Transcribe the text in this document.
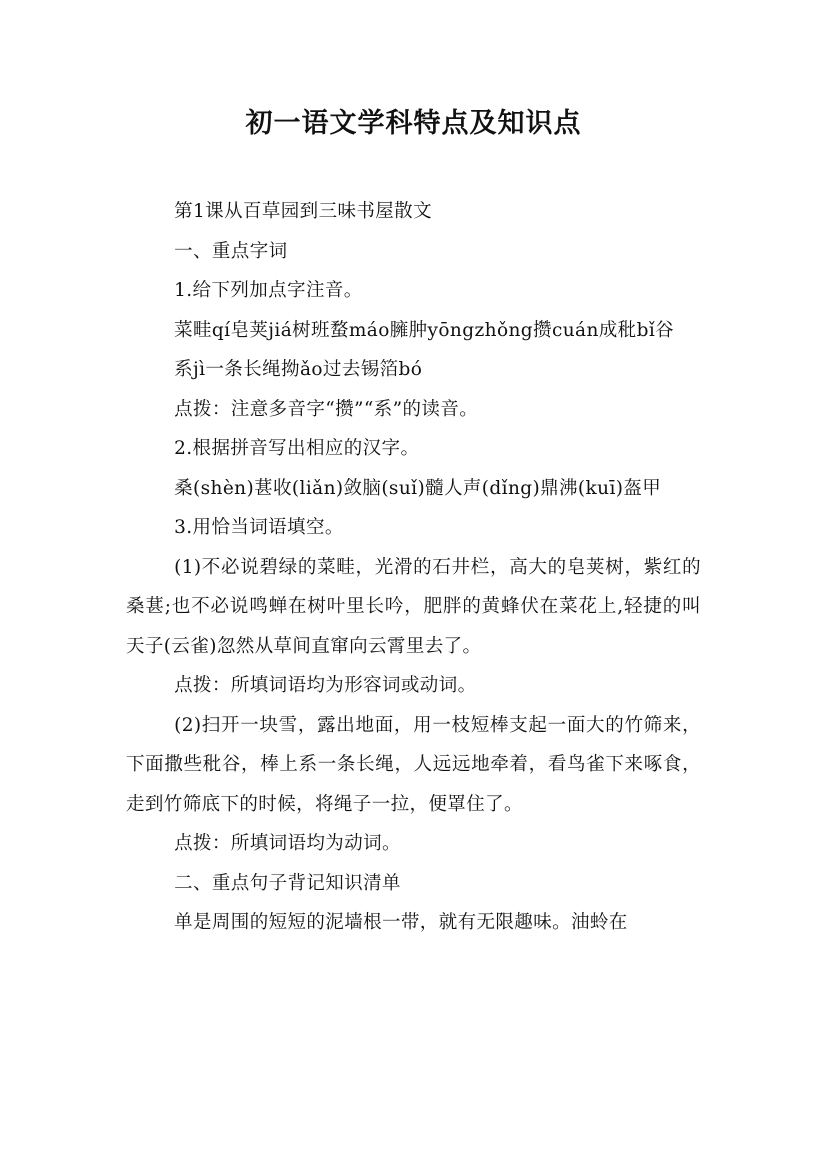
初一语文学科特点及知识点

第1课从百草园到三味书屋散文

一、重点字词

1.给下列加点字注音。

菜畦qí皂荚jiá树班蝥máo臃肿yōngzhǒng攒cuán成秕bǐ谷

系jì一条长绳拗ǎo过去锡箔bó

点拨：注意多音字“攒”“系”的读音。

2.根据拼音写出相应的汉字。

桑(shèn)葚收(liǎn)敛脑(suǐ)髓人声(dǐng)鼎沸(kuī)盔甲

3.用恰当词语填空。

(1)不必说碧绿的菜畦，光滑的石井栏，高大的皂荚树，紫红的桑葚;也不必说鸣蝉在树叶里长吟，肥胖的黄蜂伏在菜花上,轻捷的叫天子(云雀)忽然从草间直窜向云霄里去了。

点拨：所填词语均为形容词或动词。

(2)扫开一块雪，露出地面，用一枝短棒支起一面大的竹筛来，下面撒些秕谷，棒上系一条长绳，人远远地牵着，看鸟雀下来啄食，走到竹筛底下的时候，将绳子一拉，便罩住了。

点拨：所填词语均为动词。

二、重点句子背记知识清单

单是周围的短短的泥墙根一带，就有无限趣味。油蛉在
